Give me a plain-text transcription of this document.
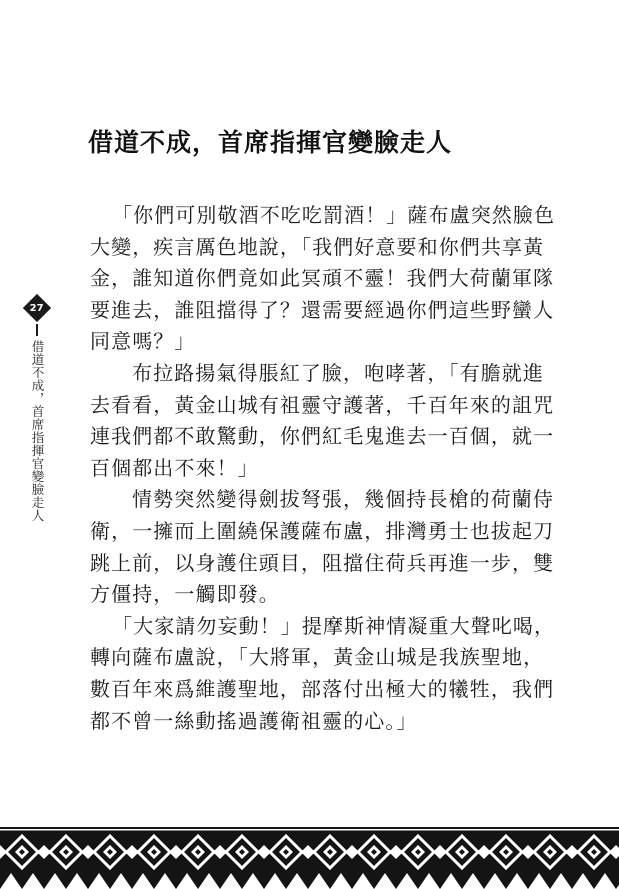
借道不成，首席指揮官變臉走人
27
借道不成，首席指揮官變臉走人
「你們可別敬酒不吃吃罰酒！」薩布盧突然臉色
大變，疾言厲色地說，「我們好意要和你們共享黃
金，誰知道你們竟如此冥頑不靈！我們大荷蘭軍隊
要進去，誰阻擋得了？還需要經過你們這些野蠻人
同意嗎？」
布拉路揚氣得脹紅了臉，咆哮著，「有膽就進
去看看，黃金山城有祖靈守護著，千百年來的詛咒
連我們都不敢驚動，你們紅毛鬼進去一百個，就一
百個都出不來！」
情勢突然變得劍拔弩張，幾個持長槍的荷蘭侍
衛，一擁而上圍繞保護薩布盧，排灣勇士也拔起刀
跳上前，以身護住頭目，阻擋住荷兵再進一步，雙
方僵持，一觸即發。
「大家請勿妄動！」提摩斯神情凝重大聲叱喝，
轉向薩布盧說，「大將軍，黃金山城是我族聖地，
數百年來爲維護聖地，部落付出極大的犧牲，我們
都不曾一絲動搖過護衛祖靈的心。」
